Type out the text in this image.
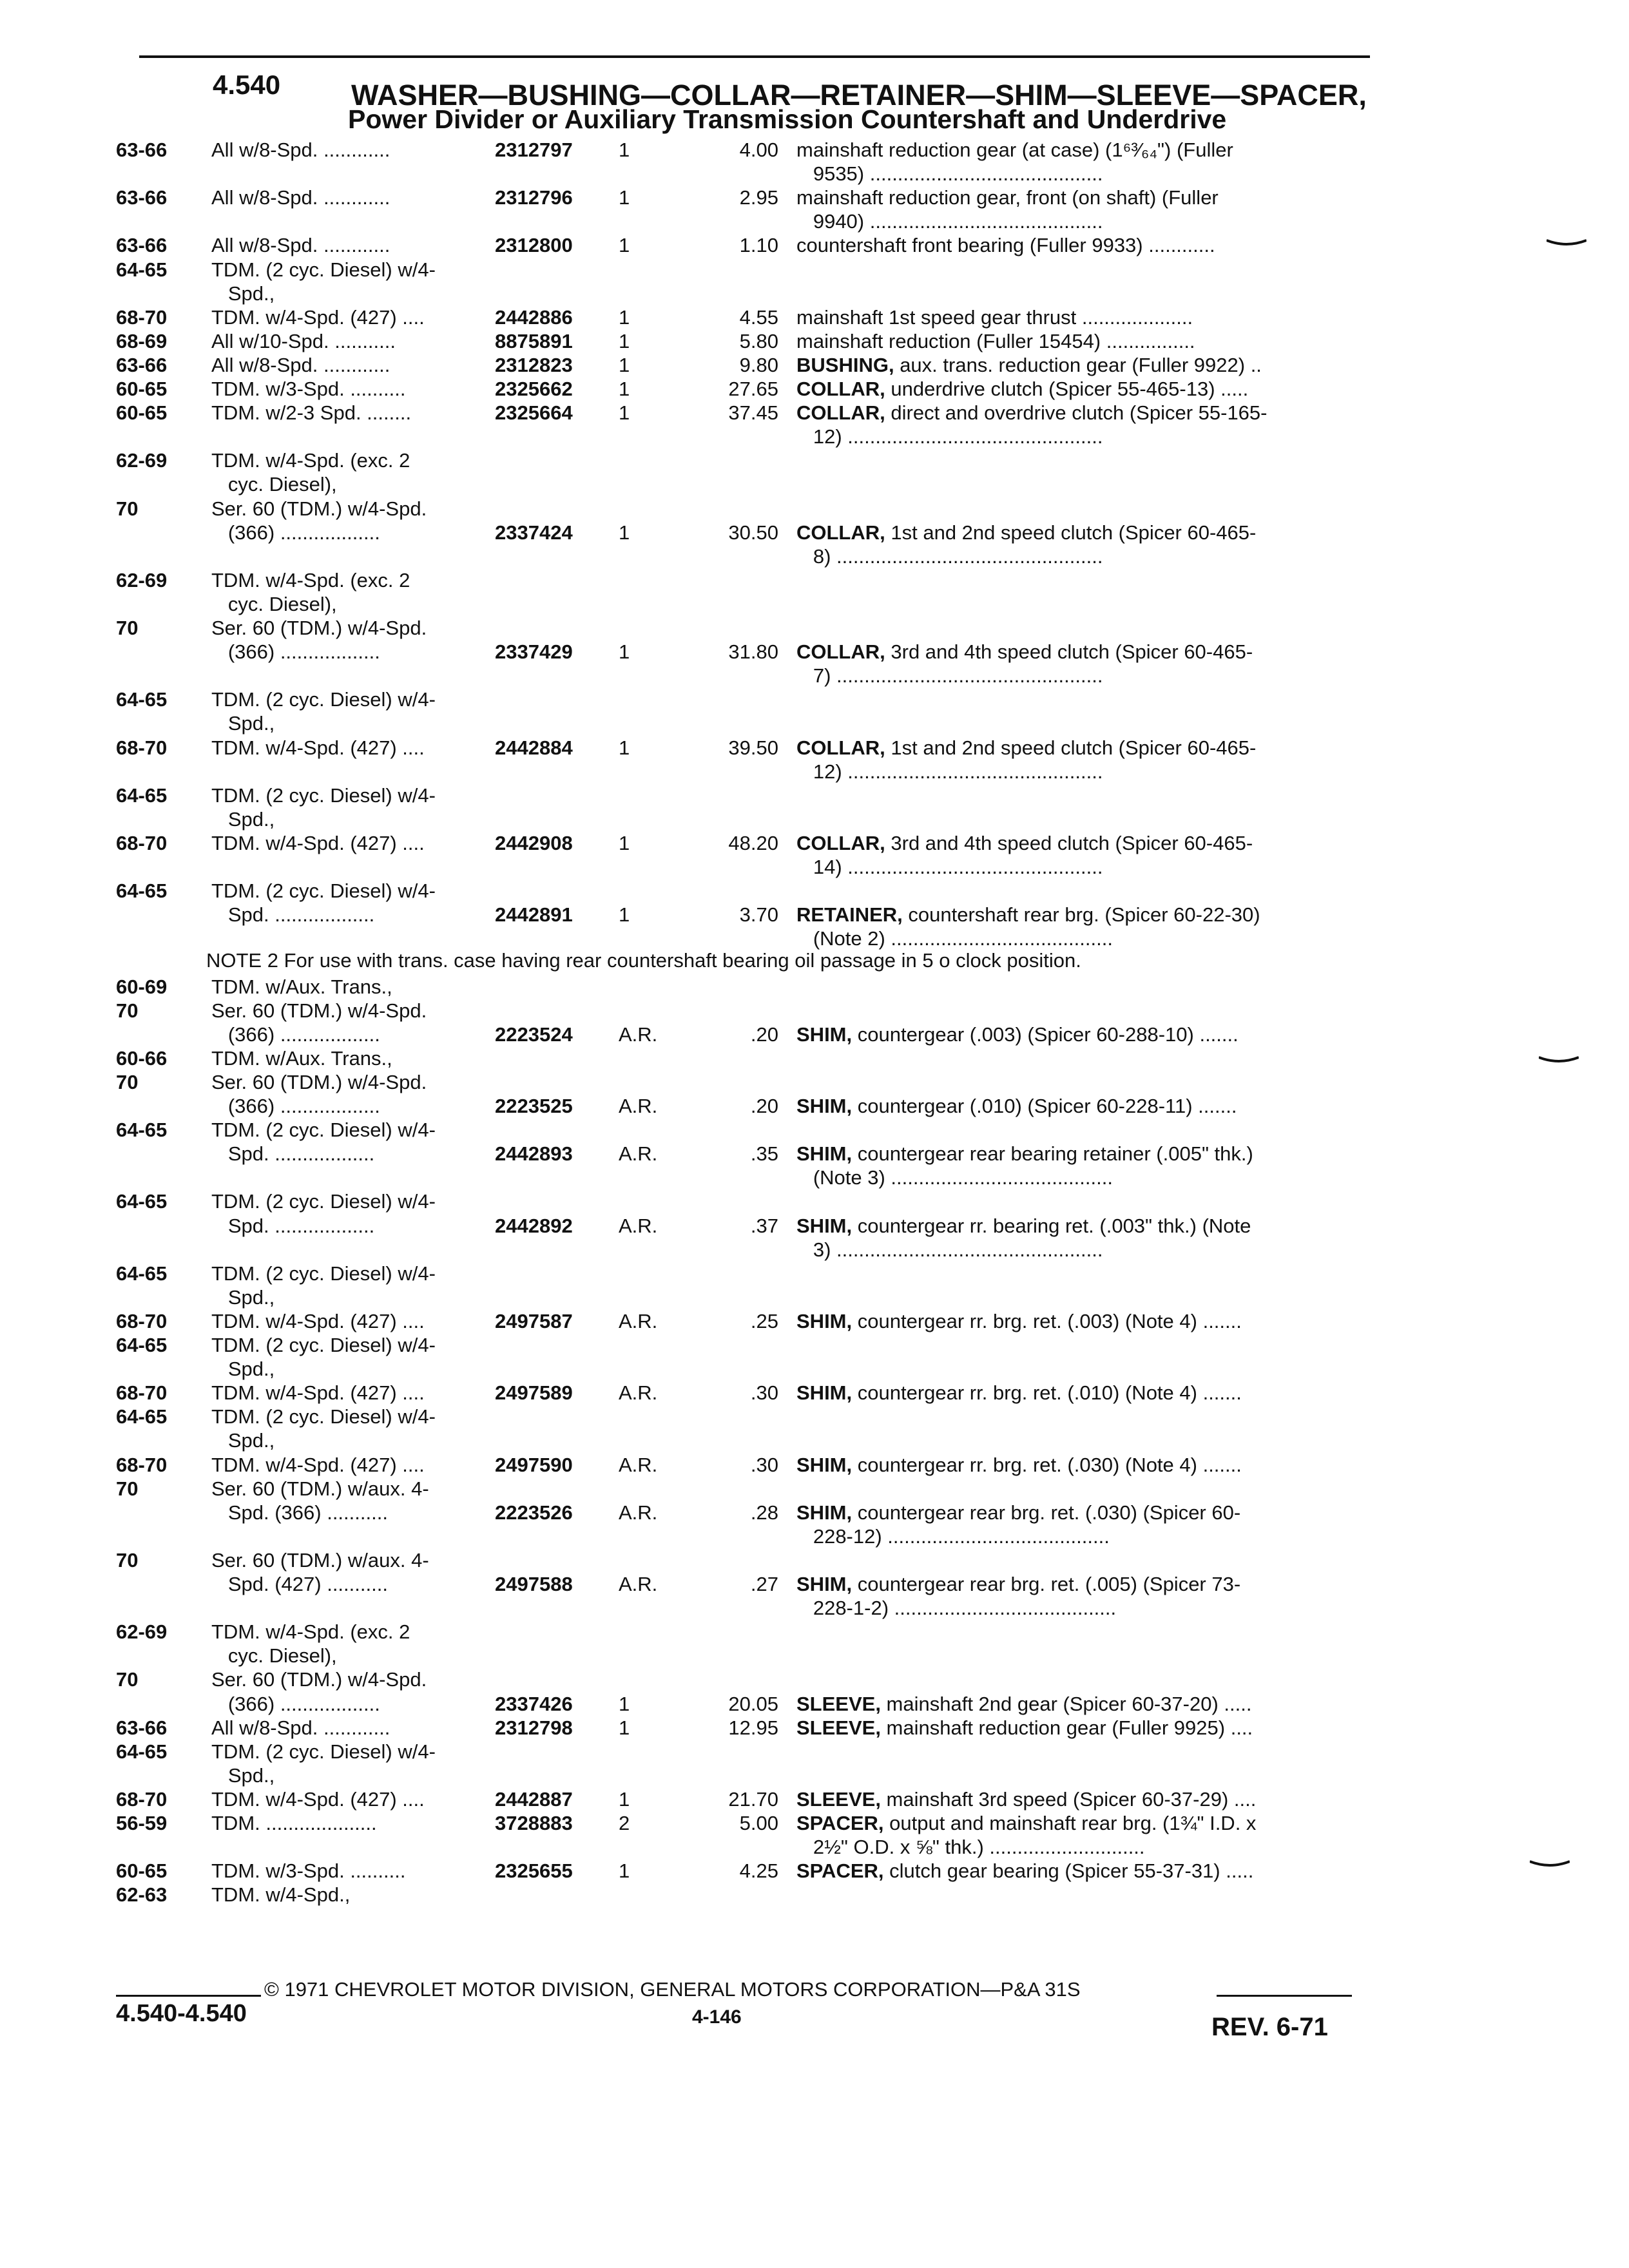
4.540 WASHER—BUSHING—COLLAR—RETAINER—SHIM—SLEEVE—SPACER,
Power Divider or Auxiliary Transmission Countershaft and Underdrive
63-66 All w/8-Spd. ............	2312797 1	4.00 mainshaft reduction gear (at case) (1⁶³⁄₆₄") (Fuller
9535) ..........................................
63-66 All w/8-Spd. ............	2312796 1	2.95 mainshaft reduction gear, front (on shaft) (Fuller
9940) ..........................................
63-66 All w/8-Spd. ............	2312800 1	1.10 countershaft front bearing (Fuller 9933) ............
64-65 TDM. (2 cyc. Diesel) w/4-
Spd.,
68-70 TDM. w/4-Spd. (427) ....	2442886 1	4.55 mainshaft 1st speed gear thrust ....................
68-69 All w/10-Spd. ...........	8875891 1	5.80 mainshaft reduction (Fuller 15454) ................
63-66 All w/8-Spd. ............	2312823 1	9.80 BUSHING, aux. trans. reduction gear (Fuller 9922) ..
60-65 TDM. w/3-Spd. ..........	2325662 1	27.65 COLLAR, underdrive clutch (Spicer 55-465-13) .....
60-65 TDM. w/2-3 Spd. ........	2325664 1	37.45 COLLAR, direct and overdrive clutch (Spicer 55-165-
12) ..............................................
62-69 TDM. w/4-Spd. (exc. 2
cyc. Diesel),
70	Ser. 60 (TDM.) w/4-Spd.
(366) ..................	2337424 1	30.50 COLLAR, 1st and 2nd speed clutch (Spicer 60-465-
8) ................................................
62-69 TDM. w/4-Spd. (exc. 2
cyc. Diesel),
70	Ser. 60 (TDM.) w/4-Spd.
(366) ..................	2337429 1	31.80 COLLAR, 3rd and 4th speed clutch (Spicer 60-465-
7) ................................................
64-65 TDM. (2 cyc. Diesel) w/4-
Spd.,
68-70 TDM. w/4-Spd. (427) ....	2442884 1	39.50 COLLAR, 1st and 2nd speed clutch (Spicer 60-465-
12) ..............................................
64-65 TDM. (2 cyc. Diesel) w/4-
Spd.,
68-70 TDM. w/4-Spd. (427) ....	2442908 1	48.20 COLLAR, 3rd and 4th speed clutch (Spicer 60-465-
14) ..............................................
64-65 TDM. (2 cyc. Diesel) w/4-
Spd. ..................	2442891 1	3.70 RETAINER, countershaft rear brg. (Spicer 60-22-30)
(Note 2) ........................................
NOTE 2 For use with trans. case having rear countershaft bearing oil passage in 5 o clock position.
60-69 TDM. w/Aux. Trans.,
70	Ser. 60 (TDM.) w/4-Spd.
(366) ..................	2223524 A.R.	.20 SHIM, countergear (.003) (Spicer 60-288-10) .......
60-66 TDM. w/Aux. Trans.,
70	Ser. 60 (TDM.) w/4-Spd.
(366) ..................	2223525 A.R.	.20 SHIM, countergear (.010) (Spicer 60-228-11) .......
64-65 TDM. (2 cyc. Diesel) w/4-
Spd. ..................	2442893 A.R.	.35 SHIM, countergear rear bearing retainer (.005" thk.)
(Note 3) ........................................
64-65 TDM. (2 cyc. Diesel) w/4-
Spd. ..................	2442892 A.R.	.37 SHIM, countergear rr. bearing ret. (.003" thk.) (Note
3) ................................................
64-65 TDM. (2 cyc. Diesel) w/4-
Spd.,
68-70 TDM. w/4-Spd. (427) ....	2497587 A.R.	.25 SHIM, countergear rr. brg. ret. (.003) (Note 4) .......
64-65 TDM. (2 cyc. Diesel) w/4-
Spd.,
68-70 TDM. w/4-Spd. (427) ....	2497589 A.R.	.30 SHIM, countergear rr. brg. ret. (.010) (Note 4) .......
64-65 TDM. (2 cyc. Diesel) w/4-
Spd.,
68-70 TDM. w/4-Spd. (427) ....	2497590 A.R.	.30 SHIM, countergear rr. brg. ret. (.030) (Note 4) .......
70	Ser. 60 (TDM.) w/aux. 4-
Spd. (366) ...........	2223526 A.R.	.28 SHIM, countergear rear brg. ret. (.030) (Spicer 60-
228-12) ........................................
70	Ser. 60 (TDM.) w/aux. 4-
Spd. (427) ...........	2497588 A.R.	.27 SHIM, countergear rear brg. ret. (.005) (Spicer 73-
228-1-2) ........................................
62-69 TDM. w/4-Spd. (exc. 2
cyc. Diesel),
70	Ser. 60 (TDM.) w/4-Spd.
(366) ..................	2337426 1	20.05 SLEEVE, mainshaft 2nd gear (Spicer 60-37-20) .....
63-66 All w/8-Spd. ............	2312798 1	12.95 SLEEVE, mainshaft reduction gear (Fuller 9925) ....
64-65 TDM. (2 cyc. Diesel) w/4-
Spd.,
68-70 TDM. w/4-Spd. (427) ....	2442887 1	21.70 SLEEVE, mainshaft 3rd speed (Spicer 60-37-29) ....
56-59 TDM. ....................	3728883 2	5.00 SPACER, output and mainshaft rear brg. (1¾" I.D. x
2½" O.D. x ⅝" thk.) ............................
60-65 TDM. w/3-Spd. ..........	2325655 1	4.25 SPACER, clutch gear bearing (Spicer 55-37-31) .....
62-63 TDM. w/4-Spd.,
© 1971 CHEVROLET MOTOR DIVISION, GENERAL MOTORS CORPORATION—P&A 31S
4.540-4.540	4-146	REV. 6-71
